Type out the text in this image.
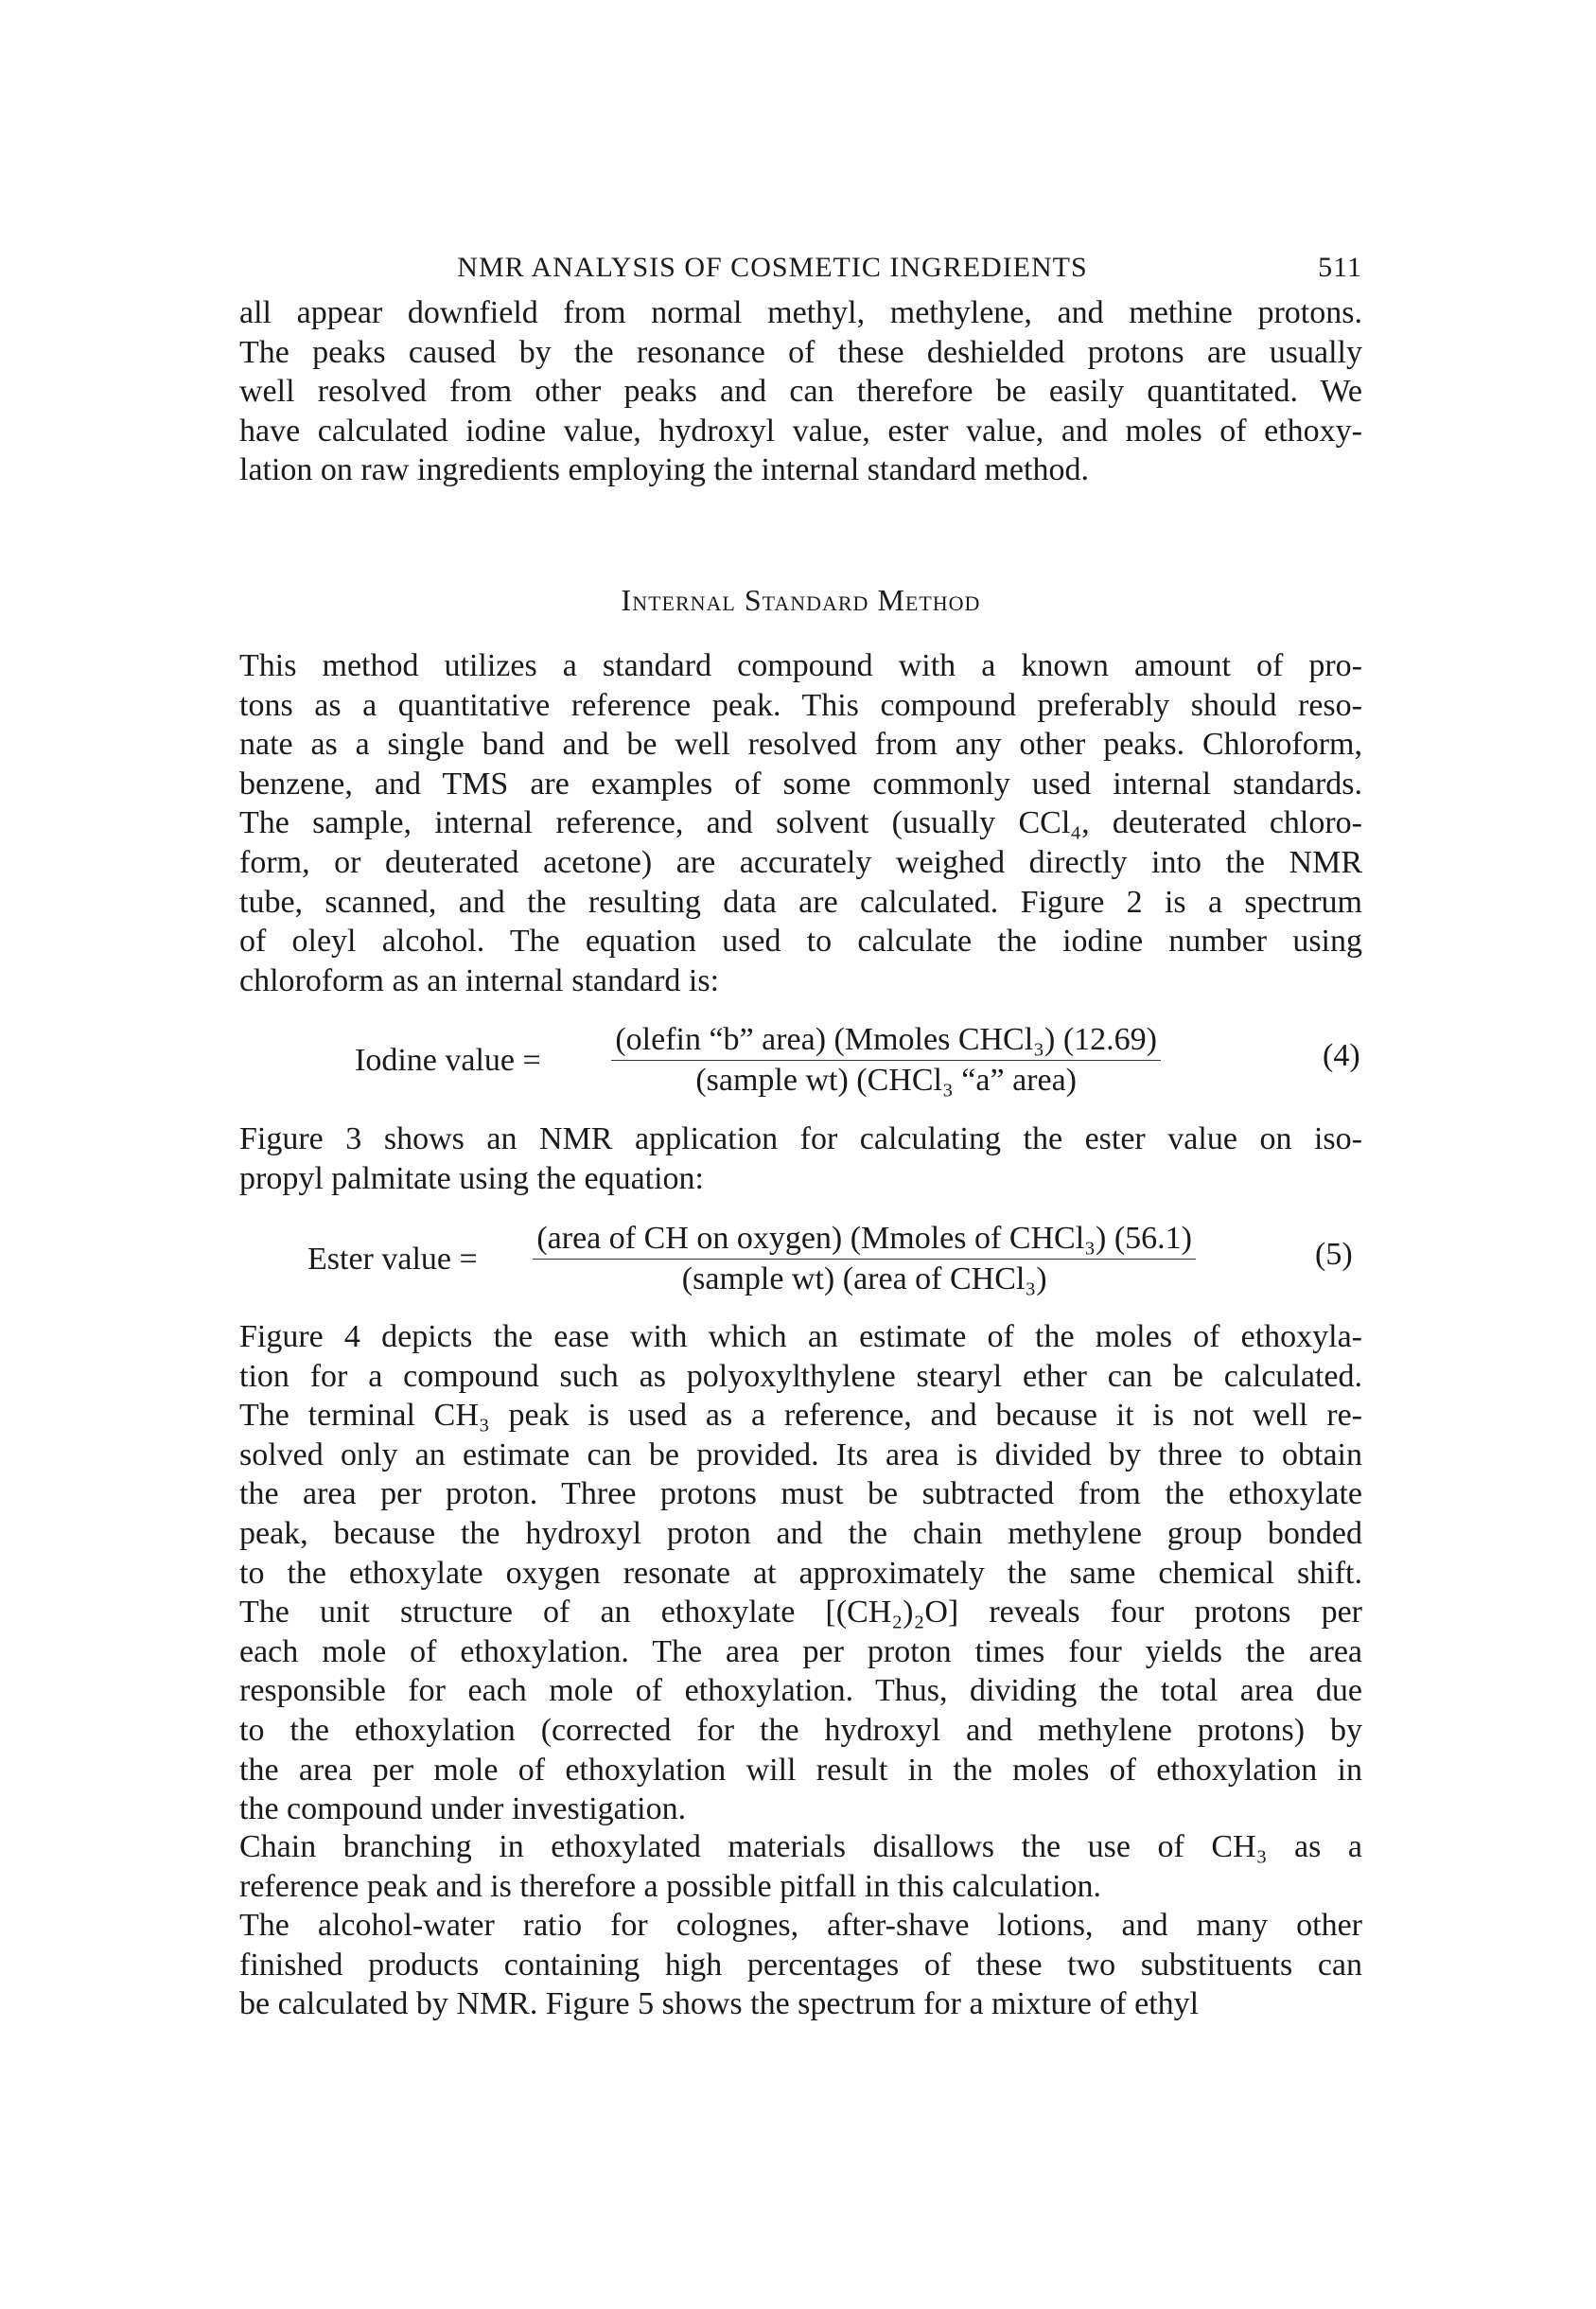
NMR ANALYSIS OF COSMETIC INGREDIENTS	511
all appear downfield from normal methyl, methylene, and methine protons.
The peaks caused by the resonance of these deshielded protons are usually
well resolved from other peaks and can therefore be easily quantitated. We
have calculated iodine value, hydroxyl value, ester value, and moles of ethoxy-
lation on raw ingredients employing the internal standard method.
Internal Standard Method
This method utilizes a standard compound with a known amount of pro-
tons as a quantitative reference peak. This compound preferably should reso-
nate as a single band and be well resolved from any other peaks. Chloroform,
benzene, and TMS are examples of some commonly used internal standards.
The sample, internal reference, and solvent (usually CCl₄, deuterated chloro-
form, or deuterated acetone) are accurately weighed directly into the NMR
tube, scanned, and the resulting data are calculated. Figure 2 is a spectrum
of oleyl alcohol. The equation used to calculate the iodine number using
chloroform as an internal standard is:
Iodine value = $\frac{\text{(olefin “b” area) (Mmoles CHCl₃) (12.69)}}{\text{(sample wt) (CHCl₃ “a” area)}}$	(4)
Figure 3 shows an NMR application for calculating the ester value on iso-
propyl palmitate using the equation:
Ester value = $\frac{\text{(area of CH on oxygen) (Mmoles of CHCl₃) (56.1)}}{\text{(sample wt) (area of CHCl₃)}} (5)$
Figure 4 depicts the ease with which an estimate of the moles of ethoxyla-
tion for a compound such as polyoxylthylene stearyl ether can be calculated.
The terminal CH₃ peak is used as a reference, and because it is not well re-
solved only an estimate can be provided. Its area is divided by three to obtain
the area per proton. Three protons must be subtracted from the ethoxylate
peak, because the hydroxyl proton and the chain methylene group bonded
to the ethoxylate oxygen resonate at approximately the same chemical shift.
The unit structure of an ethoxylate [(CH₂)₂O] reveals four protons per
each mole of ethoxylation. The area per proton times four yields the area
responsible for each mole of ethoxylation. Thus, dividing the total area due
to the ethoxylation (corrected for the hydroxyl and methylene protons) by
the area per mole of ethoxylation will result in the moles of ethoxylation in
the compound under investigation.
Chain branching in ethoxylated materials disallows the use of CH₃ as a
reference peak and is therefore a possible pitfall in this calculation.
The alcohol-water ratio for colognes, after-shave lotions, and many other
finished products containing high percentages of these two substituents can
be calculated by NMR. Figure 5 shows the spectrum for a mixture of ethyl
